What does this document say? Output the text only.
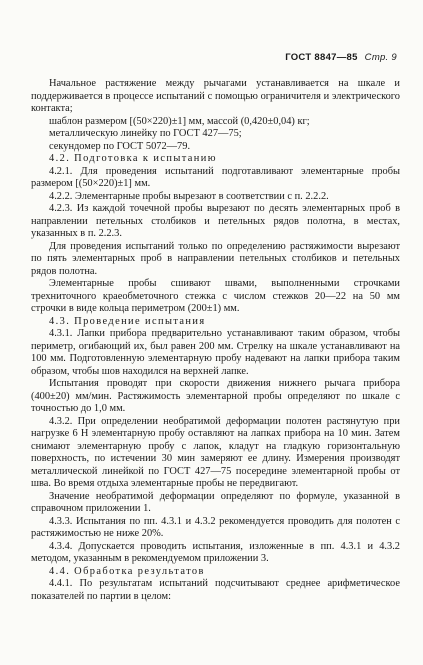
ГОСТ 8847—85 Стр. 9

Начальное растяжение между рычагами устанавливается на шкале и поддерживается в процессе испытаний с помощью ограничителя и электрического контакта;

шаблон размером [(50×220)±1] мм, массой (0,420±0,04) кг;

металлическую линейку по ГОСТ 427—75;

секундомер по ГОСТ 5072—79.

4.2. Подготовка к испытанию

4.2.1. Для проведения испытаний подготавливают элементарные пробы размером [(50×220)±1] мм.

4.2.2. Элементарные пробы вырезают в соответствии с п. 2.2.2.

4.2.3. Из каждой точечной пробы вырезают по десять элементарных проб в направлении петельных столбиков и петельных рядов полотна, в местах, указанных в п. 2.2.3.

Для проведения испытаний только по определению растяжимости вырезают по пять элементарных проб в направлении петельных столбиков и петельных рядов полотна.

Элементарные пробы сшивают швами, выполненными строчками трехниточного краеобметочного стежка с числом стежков 20—22 на 50 мм строчки в виде кольца периметром (200±1) мм.

4.3. Проведение испытания

4.3.1. Лапки прибора предварительно устанавливают таким образом, чтобы периметр, огибающий их, был равен 200 мм. Стрелку на шкале устанавливают на 100 мм. Подготовленную элементарную пробу надевают на лапки прибора таким образом, чтобы шов находился на верхней лапке.

Испытания проводят при скорости движения нижнего рычага прибора (400±20) мм/мин. Растяжимость элементарной пробы определяют по шкале с точностью до 1,0 мм.

4.3.2. При определении необратимой деформации полотен растянутую при нагрузке 6 Н элементарную пробу оставляют на лапках прибора на 10 мин. Затем снимают элементарную пробу с лапок, кладут на гладкую горизонтальную поверхность, по истечении 30 мин замеряют ее длину. Измерения производят металлической линейкой по ГОСТ 427—75 посередине элементарной пробы от шва. Во время отдыха элементарные пробы не передвигают.

Значение необратимой деформации определяют по формуле, указанной в справочном приложении 1.

4.3.3. Испытания по пп. 4.3.1 и 4.3.2 рекомендуется проводить для полотен с растяжимостью не ниже 20%.

4.3.4. Допускается проводить испытания, изложенные в пп. 4.3.1 и 4.3.2 методом, указанным в рекомендуемом приложении 3.

4.4. Обработка результатов

4.4.1. По результатам испытаний подсчитывают среднее арифметическое показателей по партии в целом:
